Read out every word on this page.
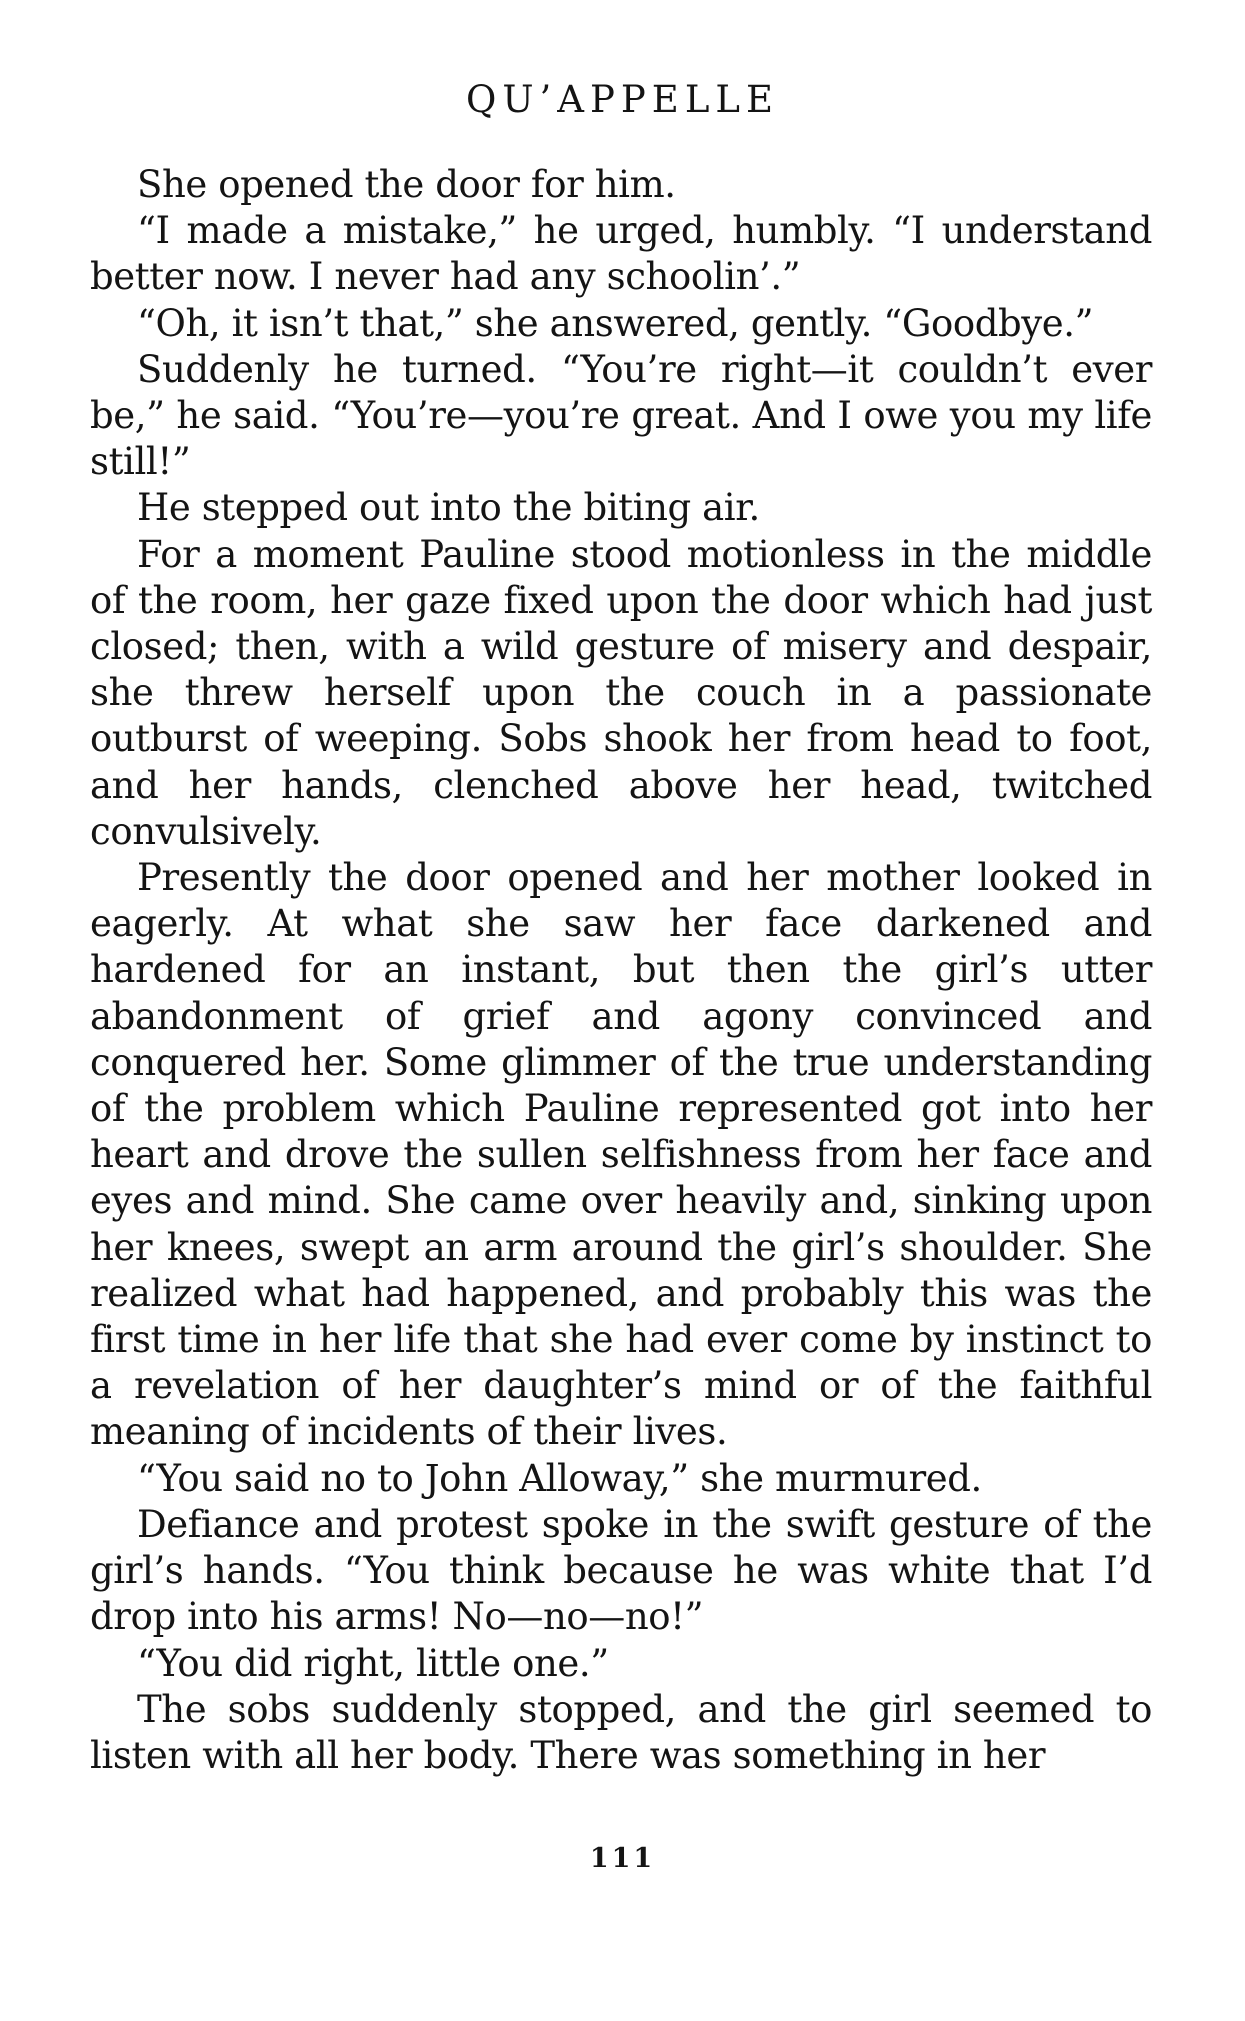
QU’APPELLE

She opened the door for him.

“I made a mistake,” he urged, humbly. “I understand better now. I never had any schoolin’.”

“Oh, it isn’t that,” she answered, gently. “Goodbye.”

Suddenly he turned. “You’re right—it couldn’t ever be,” he said. “You’re—you’re great. And I owe you my life still!”

He stepped out into the biting air.

For a moment Pauline stood motionless in the middle of the room, her gaze fixed upon the door which had just closed; then, with a wild gesture of misery and despair, she threw herself upon the couch in a passionate outburst of weeping. Sobs shook her from head to foot, and her hands, clenched above her head, twitched convulsively.

Presently the door opened and her mother looked in eagerly. At what she saw her face darkened and hardened for an instant, but then the girl’s utter abandonment of grief and agony convinced and conquered her. Some glimmer of the true understanding of the problem which Pauline represented got into her heart and drove the sullen selfishness from her face and eyes and mind. She came over heavily and, sinking upon her knees, swept an arm around the girl’s shoulder. She realized what had happened, and probably this was the first time in her life that she had ever come by instinct to a revelation of her daughter’s mind or of the faithful meaning of incidents of their lives.

“You said no to John Alloway,” she murmured.

Defiance and protest spoke in the swift gesture of the girl’s hands. “You think because he was white that I’d drop into his arms! No—no—no!”

“You did right, little one.”

The sobs suddenly stopped, and the girl seemed to listen with all her body. There was something in her

111
